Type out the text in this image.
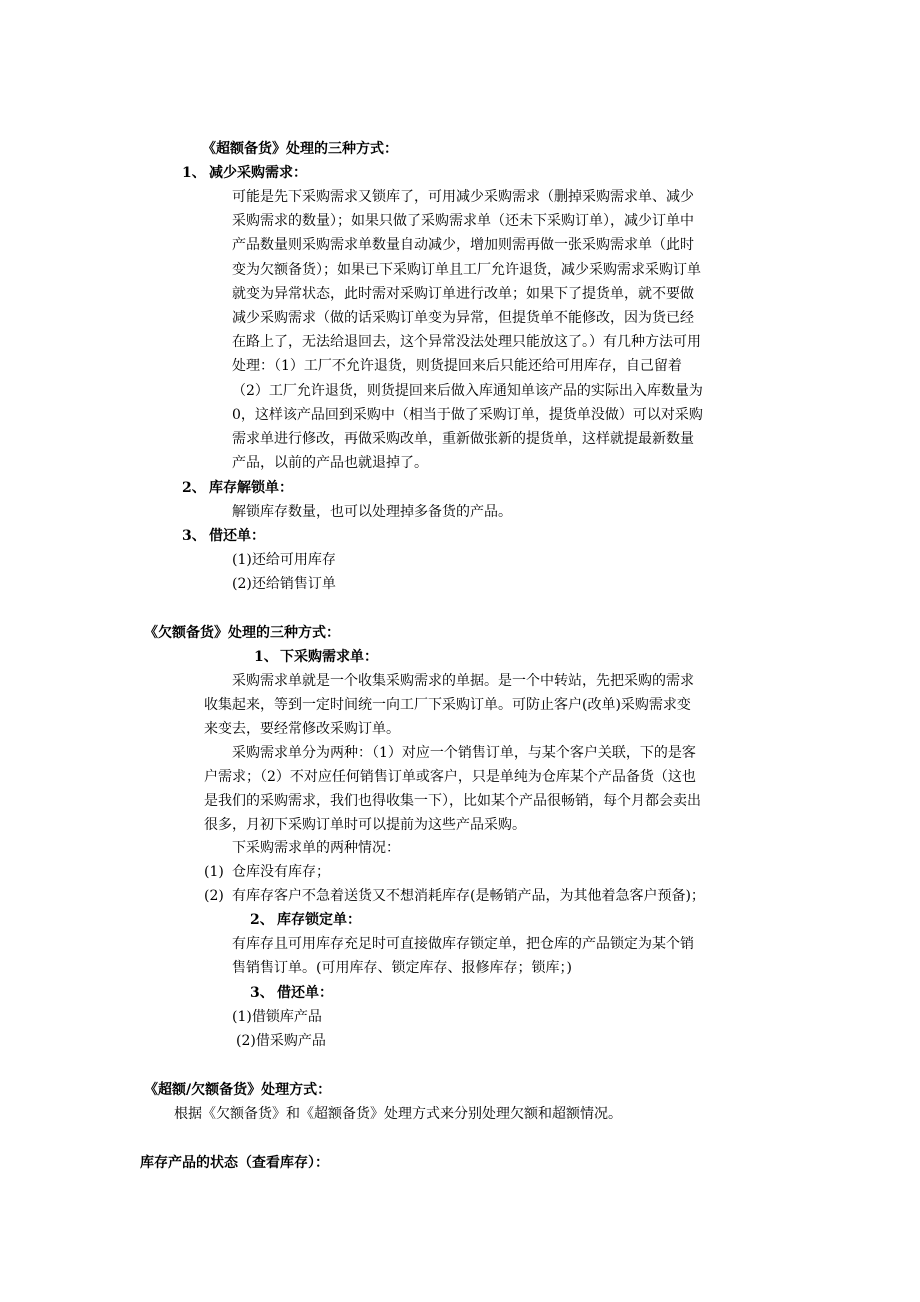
《超额备货》处理的三种方式：
1、 减少采购需求：
可能是先下采购需求又锁库了，可用减少采购需求（删掉采购需求单、减少
采购需求的数量）；如果只做了采购需求单（还未下采购订单），减少订单中
产品数量则采购需求单数量自动减少，增加则需再做一张采购需求单（此时
变为欠额备货）；如果已下采购订单且工厂允许退货，减少采购需求采购订单
就变为异常状态，此时需对采购订单进行改单；如果下了提货单，就不要做
减少采购需求（做的话采购订单变为异常，但提货单不能修改，因为货已经
在路上了，无法给退回去，这个异常没法处理只能放这了。）有几种方法可用
处理：（1）工厂不允许退货，则货提回来后只能还给可用库存，自己留着
（2）工厂允许退货，则货提回来后做入库通知单该产品的实际出入库数量为
0，这样该产品回到采购中（相当于做了采购订单，提货单没做）可以对采购
需求单进行修改，再做采购改单，重新做张新的提货单，这样就提最新数量
产品，以前的产品也就退掉了。
2、 库存解锁单：
解锁库存数量，也可以处理掉多备货的产品。
3、 借还单：
(1)还给可用库存
(2)还给销售订单
《欠额备货》处理的三种方式：
1、 下采购需求单：
采购需求单就是一个收集采购需求的单据。是一个中转站，先把采购的需求
收集起来，等到一定时间统一向工厂下采购订单。可防止客户(改单)采购需求变
来变去，要经常修改采购订单。
采购需求单分为两种：（1）对应一个销售订单，与某个客户关联，下的是客
户需求；（2）不对应任何销售订单或客户，只是单纯为仓库某个产品备货（这也
是我们的采购需求，我们也得收集一下），比如某个产品很畅销，每个月都会卖出
很多，月初下采购订单时可以提前为这些产品采购。
下采购需求单的两种情况：
(1) 仓库没有库存；
(2) 有库存客户不急着送货又不想消耗库存(是畅销产品，为其他着急客户预备)；
2、 库存锁定单：
有库存且可用库存充足时可直接做库存锁定单，把仓库的产品锁定为某个销
售销售订单。(可用库存、锁定库存、报修库存；锁库；)
3、 借还单：
(1)借锁库产品
(2)借采购产品
《超额/欠额备货》处理方式：
根据《欠额备货》和《超额备货》处理方式来分别处理欠额和超额情况。
库存产品的状态（查看库存）：
